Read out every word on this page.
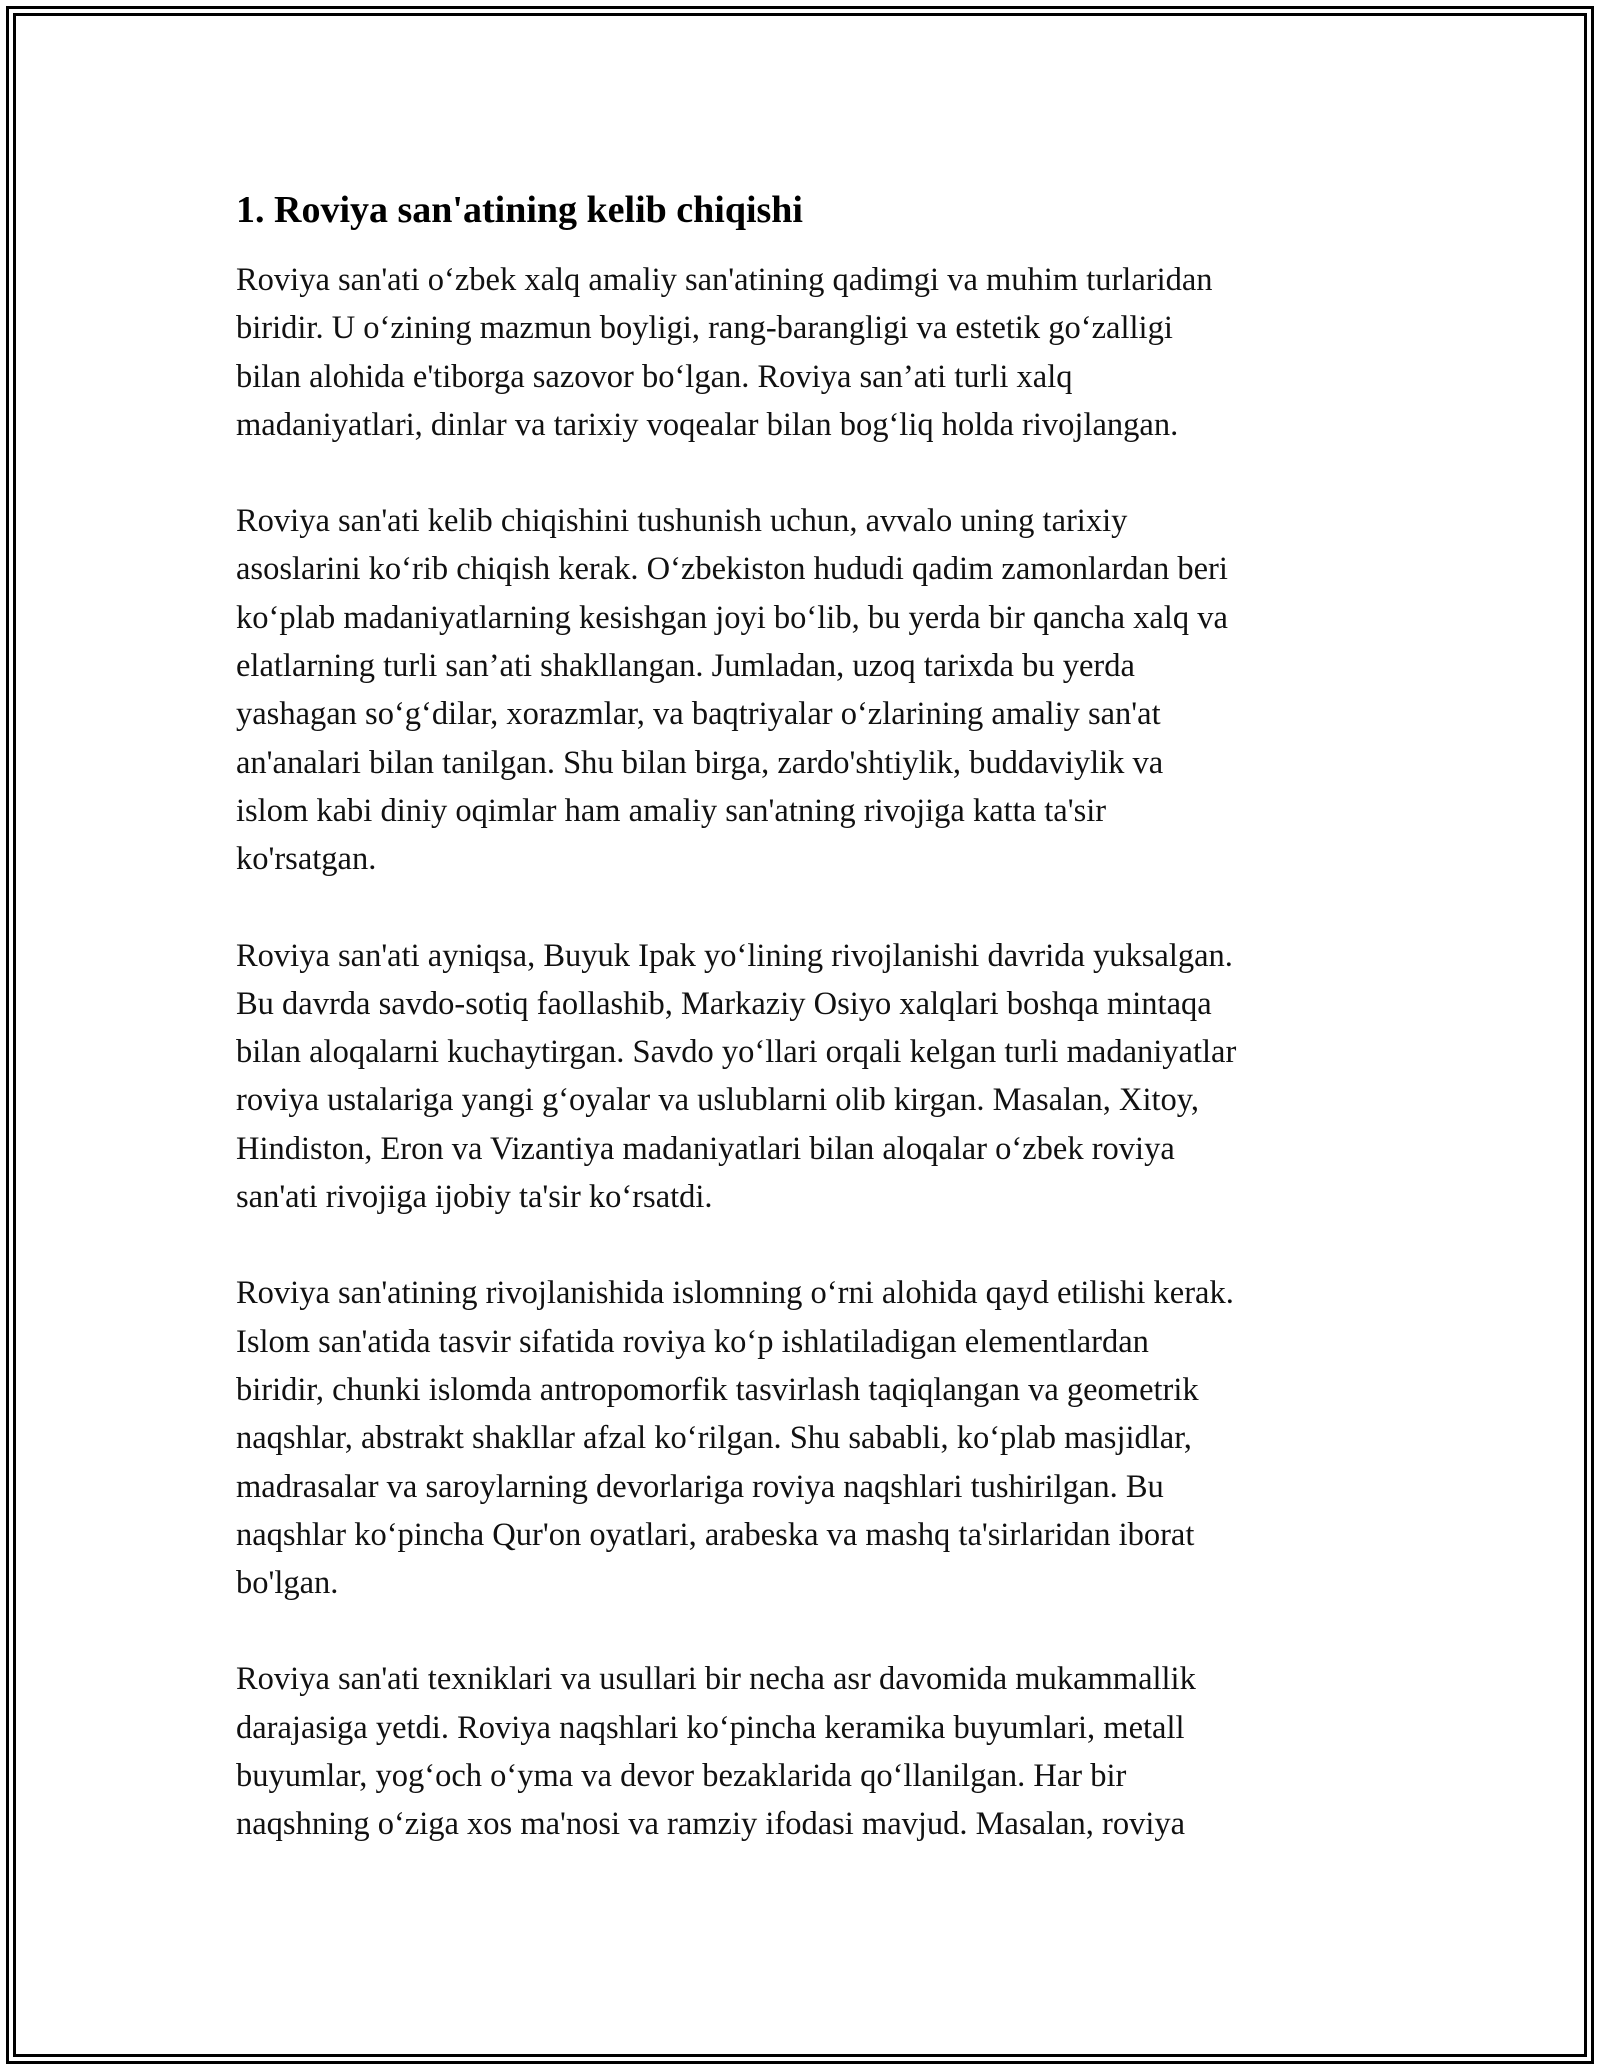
1. Roviya san'atining kelib chiqishi
Roviya san'ati o‘zbek xalq amaliy san'atining qadimgi va muhim turlaridan
biridir. U o‘zining mazmun boyligi, rang-barangligi va estetik go‘zalligi
bilan alohida e'tiborga sazovor bo‘lgan. Roviya san’ati turli xalq
madaniyatlari, dinlar va tarixiy voqealar bilan bog‘liq holda rivojlangan.
Roviya san'ati kelib chiqishini tushunish uchun, avvalo uning tarixiy
asoslarini ko‘rib chiqish kerak. O‘zbekiston hududi qadim zamonlardan beri
ko‘plab madaniyatlarning kesishgan joyi bo‘lib, bu yerda bir qancha xalq va
elatlarning turli san’ati shakllangan. Jumladan, uzoq tarixda bu yerda
yashagan so‘g‘dilar, xorazmlar, va baqtriyalar o‘zlarining amaliy san'at
an'analari bilan tanilgan. Shu bilan birga, zardo'shtiylik, buddaviylik va
islom kabi diniy oqimlar ham amaliy san'atning rivojiga katta ta'sir
ko'rsatgan.
Roviya san'ati ayniqsa, Buyuk Ipak yo‘lining rivojlanishi davrida yuksalgan.
Bu davrda savdo-sotiq faollashib, Markaziy Osiyo xalqlari boshqa mintaqa
bilan aloqalarni kuchaytirgan. Savdo yo‘llari orqali kelgan turli madaniyatlar
roviya ustalariga yangi g‘oyalar va uslublarni olib kirgan. Masalan, Xitoy,
Hindiston, Eron va Vizantiya madaniyatlari bilan aloqalar o‘zbek roviya
san'ati rivojiga ijobiy ta'sir ko‘rsatdi.
Roviya san'atining rivojlanishida islomning o‘rni alohida qayd etilishi kerak.
Islom san'atida tasvir sifatida roviya ko‘p ishlatiladigan elementlardan
biridir, chunki islomda antropomorfik tasvirlash taqiqlangan va geometrik
naqshlar, abstrakt shakllar afzal ko‘rilgan. Shu sababli, ko‘plab masjidlar,
madrasalar va saroylarning devorlariga roviya naqshlari tushirilgan. Bu
naqshlar ko‘pincha Qur'on oyatlari, arabeska va mashq ta'sirlaridan iborat
bo'lgan.
Roviya san'ati texniklari va usullari bir necha asr davomida mukammallik
darajasiga yetdi. Roviya naqshlari ko‘pincha keramika buyumlari, metall
buyumlar, yog‘och o‘yma va devor bezaklarida qo‘llanilgan. Har bir
naqshning o‘ziga xos ma'nosi va ramziy ifodasi mavjud. Masalan, roviya
